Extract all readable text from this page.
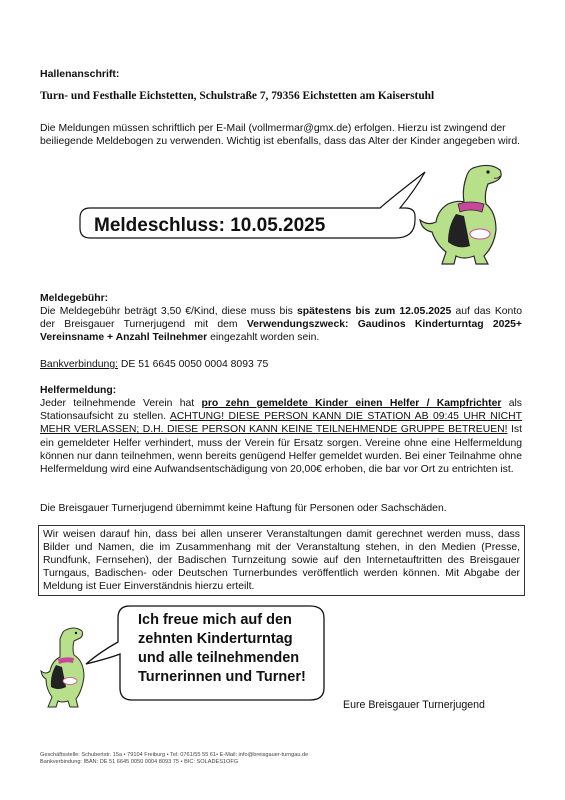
Hallenanschrift:
Turn- und Festhalle Eichstetten, Schulstraße 7, 79356 Eichstetten am Kaiserstuhl
Die Meldungen müssen schriftlich per E-Mail (vollmermar@gmx.de) erfolgen. Hierzu ist zwingend der beiliegende Meldebogen zu verwenden. Wichtig ist ebenfalls, dass das Alter der Kinder angegeben wird.
Meldeschluss: 10.05.2025
Meldegebühr:
Die Meldegebühr beträgt 3,50 €/Kind, diese muss bis spätestens bis zum 12.05.2025 auf das Konto der Breisgauer Turnerjugend mit dem Verwendungszweck: Gaudinos Kinderturntag 2025+ Vereinsname + Anzahl Teilnehmer eingezahlt worden sein.
Bankverbindung: DE 51 6645 0050 0004 8093 75
Helfermeldung:
Jeder teilnehmende Verein hat pro zehn gemeldete Kinder einen Helfer / Kampfrichter als Stationsaufsicht zu stellen. ACHTUNG! DIESE PERSON KANN DIE STATION AB 09:45 UHR NICHT MEHR VERLASSEN; D.H. DIESE PERSON KANN KEINE TEILNEHMENDE GRUPPE BETREUEN! Ist ein gemeldeter Helfer verhindert, muss der Verein für Ersatz sorgen. Vereine ohne eine Helfermeldung können nur dann teilnehmen, wenn bereits genügend Helfer gemeldet wurden. Bei einer Teilnahme ohne Helfermeldung wird eine Aufwandsentschädigung von 20,00€ erhoben, die bar vor Ort zu entrichten ist.
Die Breisgauer Turnerjugend übernimmt keine Haftung für Personen oder Sachschäden.
Wir weisen darauf hin, dass bei allen unserer Veranstaltungen damit gerechnet werden muss, dass Bilder und Namen, die im Zusammenhang mit der Veranstaltung stehen, in den Medien (Presse, Rundfunk, Fernsehen), der Badischen Turnzeitung sowie auf den Internetauftritten des Breisgauer Turngaus, Badischen- oder Deutschen Turnerbundes veröffentlich werden können. Mit Abgabe der Meldung ist Euer Einverständnis hierzu erteilt.
Ich freue mich auf den
zehnten Kinderturntag
und alle teilnehmenden
Turnerinnen und Turner!
Eure Breisgauer Turnerjugend
Geschäftsstelle: Schubertstr. 15a • 79104 Freiburg • Tel: 0761/55 55 61• E-Mail: info@breisgauer-turngau.de
Bankverbindung: IBAN: DE 51 6645 0050 0004 8093 75 • BIC: SOLADES1OFG
